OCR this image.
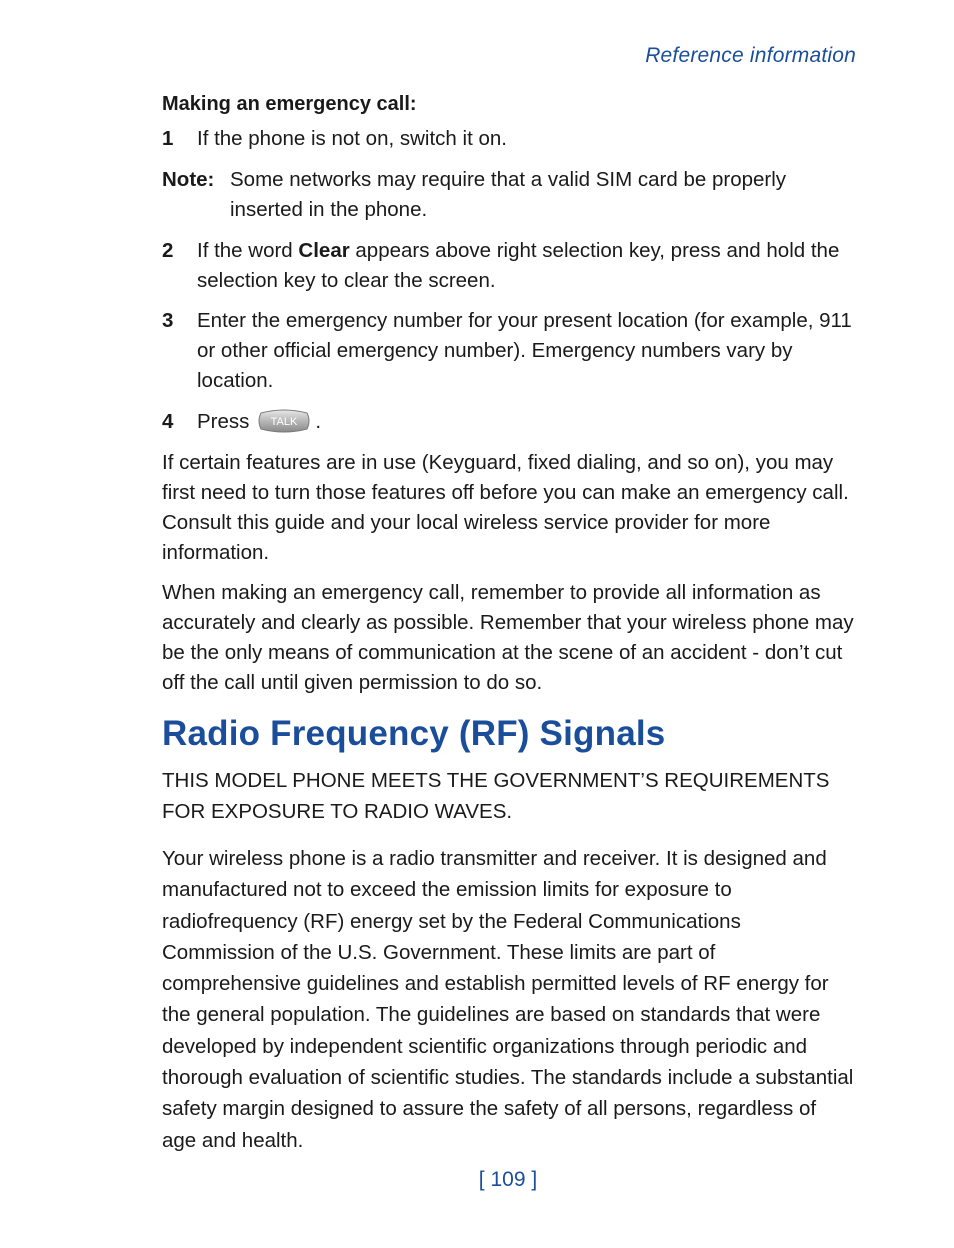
Reference information
Making an emergency call:
1 If the phone is not on, switch it on.
Note: Some networks may require that a valid SIM card be properly inserted in the phone.
2 If the word Clear appears above right selection key, press and hold the selection key to clear the screen.
3 Enter the emergency number for your present location (for example, 911 or other official emergency number). Emergency numbers vary by location.
4 Press TALK .
If certain features are in use (Keyguard, fixed dialing, and so on), you may first need to turn those features off before you can make an emergency call. Consult this guide and your local wireless service provider for more information.
When making an emergency call, remember to provide all information as accurately and clearly as possible. Remember that your wireless phone may be the only means of communication at the scene of an accident - don’t cut off the call until given permission to do so.
Radio Frequency (RF) Signals
THIS MODEL PHONE MEETS THE GOVERNMENT’S REQUIREMENTS FOR EXPOSURE TO RADIO WAVES.
Your wireless phone is a radio transmitter and receiver. It is designed and manufactured not to exceed the emission limits for exposure to radiofrequency (RF) energy set by the Federal Communications Commission of the U.S. Government. These limits are part of comprehensive guidelines and establish permitted levels of RF energy for the general population. The guidelines are based on standards that were developed by independent scientific organizations through periodic and thorough evaluation of scientific studies. The standards include a substantial safety margin designed to assure the safety of all persons, regardless of age and health.
[ 109 ]
